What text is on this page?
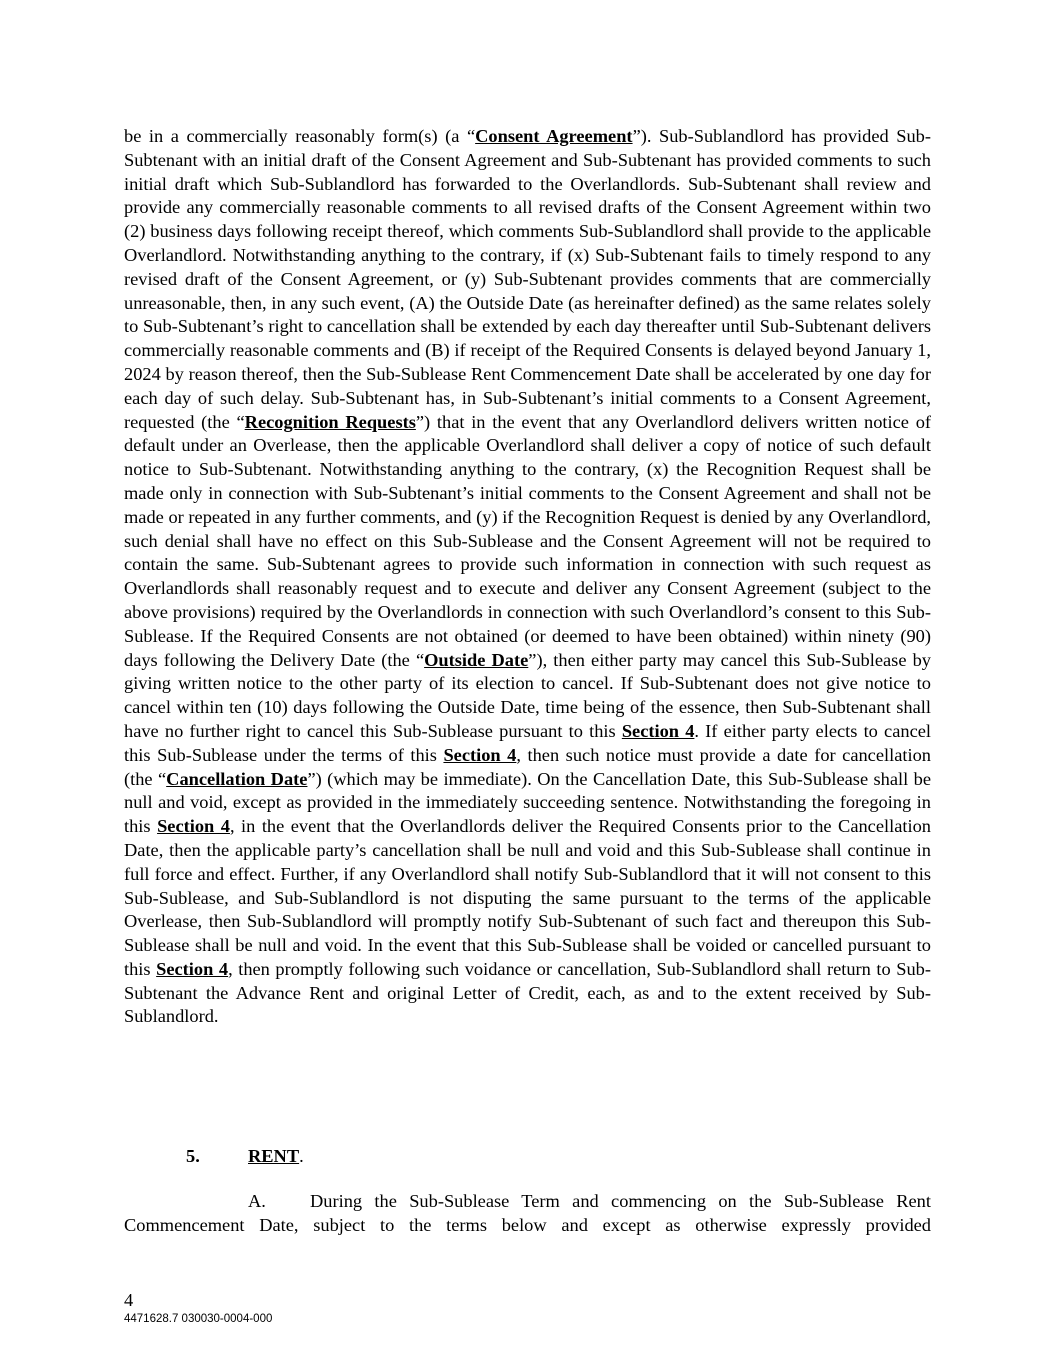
be in a commercially reasonably form(s) (a “Consent Agreement”). Sub-Sublandlord has provided Sub-Subtenant with an initial draft of the Consent Agreement and Sub-Subtenant has provided comments to such initial draft which Sub-Sublandlord has forwarded to the Overlandlords. Sub-Subtenant shall review and provide any commercially reasonable comments to all revised drafts of the Consent Agreement within two (2) business days following receipt thereof, which comments Sub-Sublandlord shall provide to the applicable Overlandlord. Notwithstanding anything to the contrary, if (x) Sub-Subtenant fails to timely respond to any revised draft of the Consent Agreement, or (y) Sub-Subtenant provides comments that are commercially unreasonable, then, in any such event, (A) the Outside Date (as hereinafter defined) as the same relates solely to Sub-Subtenant’s right to cancellation shall be extended by each day thereafter until Sub-Subtenant delivers commercially reasonable comments and (B) if receipt of the Required Consents is delayed beyond January 1, 2024 by reason thereof, then the Sub-Sublease Rent Commencement Date shall be accelerated by one day for each day of such delay. Sub-Subtenant has, in Sub-Subtenant’s initial comments to a Consent Agreement, requested (the “Recognition Requests”) that in the event that any Overlandlord delivers written notice of default under an Overlease, then the applicable Overlandlord shall deliver a copy of notice of such default notice to Sub-Subtenant. Notwithstanding anything to the contrary, (x) the Recognition Request shall be made only in connection with Sub-Subtenant’s initial comments to the Consent Agreement and shall not be made or repeated in any further comments, and (y) if the Recognition Request is denied by any Overlandlord, such denial shall have no effect on this Sub-Sublease and the Consent Agreement will not be required to contain the same. Sub-Subtenant agrees to provide such information in connection with such request as Overlandlords shall reasonably request and to execute and deliver any Consent Agreement (subject to the above provisions) required by the Overlandlords in connection with such Overlandlord’s consent to this Sub-Sublease. If the Required Consents are not obtained (or deemed to have been obtained) within ninety (90) days following the Delivery Date (the “Outside Date”), then either party may cancel this Sub-Sublease by giving written notice to the other party of its election to cancel. If Sub-Subtenant does not give notice to cancel within ten (10) days following the Outside Date, time being of the essence, then Sub-Subtenant shall have no further right to cancel this Sub-Sublease pursuant to this Section 4. If either party elects to cancel this Sub-Sublease under the terms of this Section 4, then such notice must provide a date for cancellation (the “Cancellation Date”) (which may be immediate). On the Cancellation Date, this Sub-Sublease shall be null and void, except as provided in the immediately succeeding sentence. Notwithstanding the foregoing in this Section 4, in the event that the Overlandlords deliver the Required Consents prior to the Cancellation Date, then the applicable party’s cancellation shall be null and void and this Sub-Sublease shall continue in full force and effect. Further, if any Overlandlord shall notify Sub-Sublandlord that it will not consent to this Sub-Sublease, and Sub-Sublandlord is not disputing the same pursuant to the terms of the applicable Overlease, then Sub-Sublandlord will promptly notify Sub-Subtenant of such fact and thereupon this Sub-Sublease shall be null and void. In the event that this Sub-Sublease shall be voided or cancelled pursuant to this Section 4, then promptly following such voidance or cancellation, Sub-Sublandlord shall return to Sub-Subtenant the Advance Rent and original Letter of Credit, each, as and to the extent received by Sub-Sublandlord.

5.	RENT.

A. During the Sub-Sublease Term and commencing on the Sub-Sublease Rent Commencement Date, subject to the terms below and except as otherwise expressly provided

4

4471628.7 030030-0004-000
